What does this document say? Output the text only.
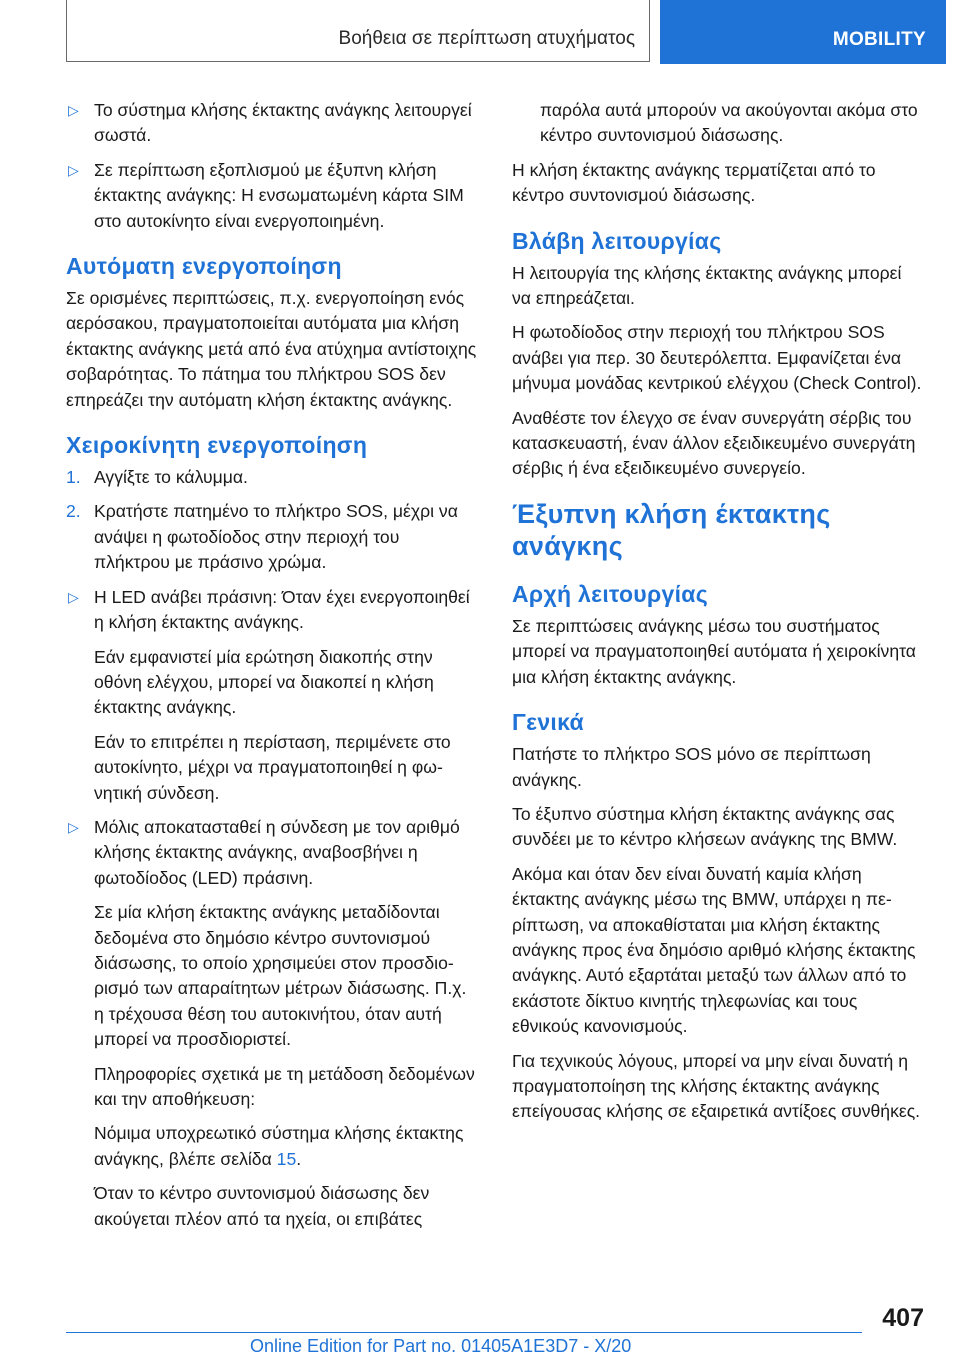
Βοήθεια σε περίπτωση ατυχήματος	MOBILITY
▷ Το σύστημα κλήσης έκτακτης ανάγκης λειτουργεί σωστά.
▷ Σε περίπτωση εξοπλισμού με έξυπνη κλήση έκτακτης ανάγκης: Η ενσωματωμένη κάρτα SIM στο αυτοκίνητο είναι ενεργοποιημένη.
Αυτόματη ενεργοποίηση

Σε ορισμένες περιπτώσεις, π.χ. ενεργοποίηση ενός αερόσακου, πραγματοποιείται αυτόματα μια κλήση έκτακτης ανάγκης μετά από ένα ατύχημα αντίστοιχης σοβαρότητας. Το πάτημα του πλήκτρου SOS δεν επηρεάζει την αυτόματη κλήση έκτακτης ανάγκης.

Χειροκίνητη ενεργοποίηση
1. Αγγίξτε το κάλυμμα.
2. Κρατήστε πατημένο το πλήκτρο SOS, μέχρι να ανάψει η φωτοδίοδος στην περιοχή του πλήκτρου με πράσινο χρώμα.
▷ Η LED ανάβει πράσινη: Όταν έχει ενεργοποιηθεί η κλήση έκτακτης ανάγκης.

Εάν εμφανιστεί μία ερώτηση διακοπής στην οθόνη ελέγχου, μπορεί να διακοπεί η κλήση έκτακτης ανάγκης.

Εάν το επιτρέπει η περίσταση, περιμένετε στο αυτοκίνητο, μέχρι να πραγματοποιηθεί η φωνητική σύνδεση.

▷ Μόλις αποκατασταθεί η σύνδεση με τον αριθμό κλήσης έκτακτης ανάγκης, αναβοσβήνει η φωτοδίοδος (LED) πράσινη.

Σε μία κλήση έκτακτης ανάγκης μεταδίδονται δεδομένα στο δημόσιο κέντρο συντονισμού διάσωσης, το οποίο χρησιμεύει στον προσδιορισμό των απαραίτητων μέτρων διάσωσης. Π.χ. η τρέχουσα θέση του αυτοκινήτου, όταν αυτή μπορεί να προσδιοριστεί.

Πληροφορίες σχετικά με τη μετάδοση δεδομένων και την αποθήκευση:

Νόμιμα υποχρεωτικό σύστημα κλήσης έκτακτης ανάγκης, βλέπε σελίδα 15.

Όταν το κέντρο συντονισμού διάσωσης δεν ακούγεται πλέον από τα ηχεία, οι επιβάτες

παρόλα αυτά μπορούν να ακούγονται ακόμα στο κέντρο συντονισμού διάσωσης.

Η κλήση έκτακτης ανάγκης τερματίζεται από το κέντρο συντονισμού διάσωσης.

Βλάβη λειτουργίας

Η λειτουργία της κλήσης έκτακτης ανάγκης μπορεί να επηρεάζεται.

Η φωτοδίοδος στην περιοχή του πλήκτρου SOS ανάβει για περ. 30 δευτερόλεπτα. Εμφανίζεται ένα μήνυμα μονάδας κεντρικού ελέγχου (Check Control).

Αναθέστε τον έλεγχο σε έναν συνεργάτη σέρβις του κατασκευαστή, έναν άλλον εξειδικευμένο συνεργάτη σέρβις ή ένα εξειδικευμένο συνεργείο.

Έξυπνη κλήση έκτακτης ανάγκης
Αρχή λειτουργίας

Σε περιπτώσεις ανάγκης μέσω του συστήματος μπορεί να πραγματοποιηθεί αυτόματα ή χειροκίνητα μια κλήση έκτακτης ανάγκης.

Γενικά

Πατήστε το πλήκτρο SOS μόνο σε περίπτωση ανάγκης.

Το έξυπνο σύστημα κλήση έκτακτης ανάγκης σας συνδέει με το κέντρο κλήσεων ανάγκης της BMW.

Ακόμα και όταν δεν είναι δυνατή καμία κλήση έκτακτης ανάγκης μέσω της BMW, υπάρχει η περίπτωση, να αποκαθίσταται μια κλήση έκτακτης ανάγκης προς ένα δημόσιο αριθμό κλήσης έκτακτης ανάγκης. Αυτό εξαρτάται μεταξύ των άλλων από το εκάστοτε δίκτυο κινητής τηλεφωνίας και τους εθνικούς κανονισμούς.

Για τεχνικούς λόγους, μπορεί να μην είναι δυνατή η πραγματοποίηση της κλήσης έκτακτης ανάγκης επείγουσας κλήσης σε εξαιρετικά αντίξοες συνθήκες.

407
Online Edition for Part no. 01405A1E3D7 - X/20
